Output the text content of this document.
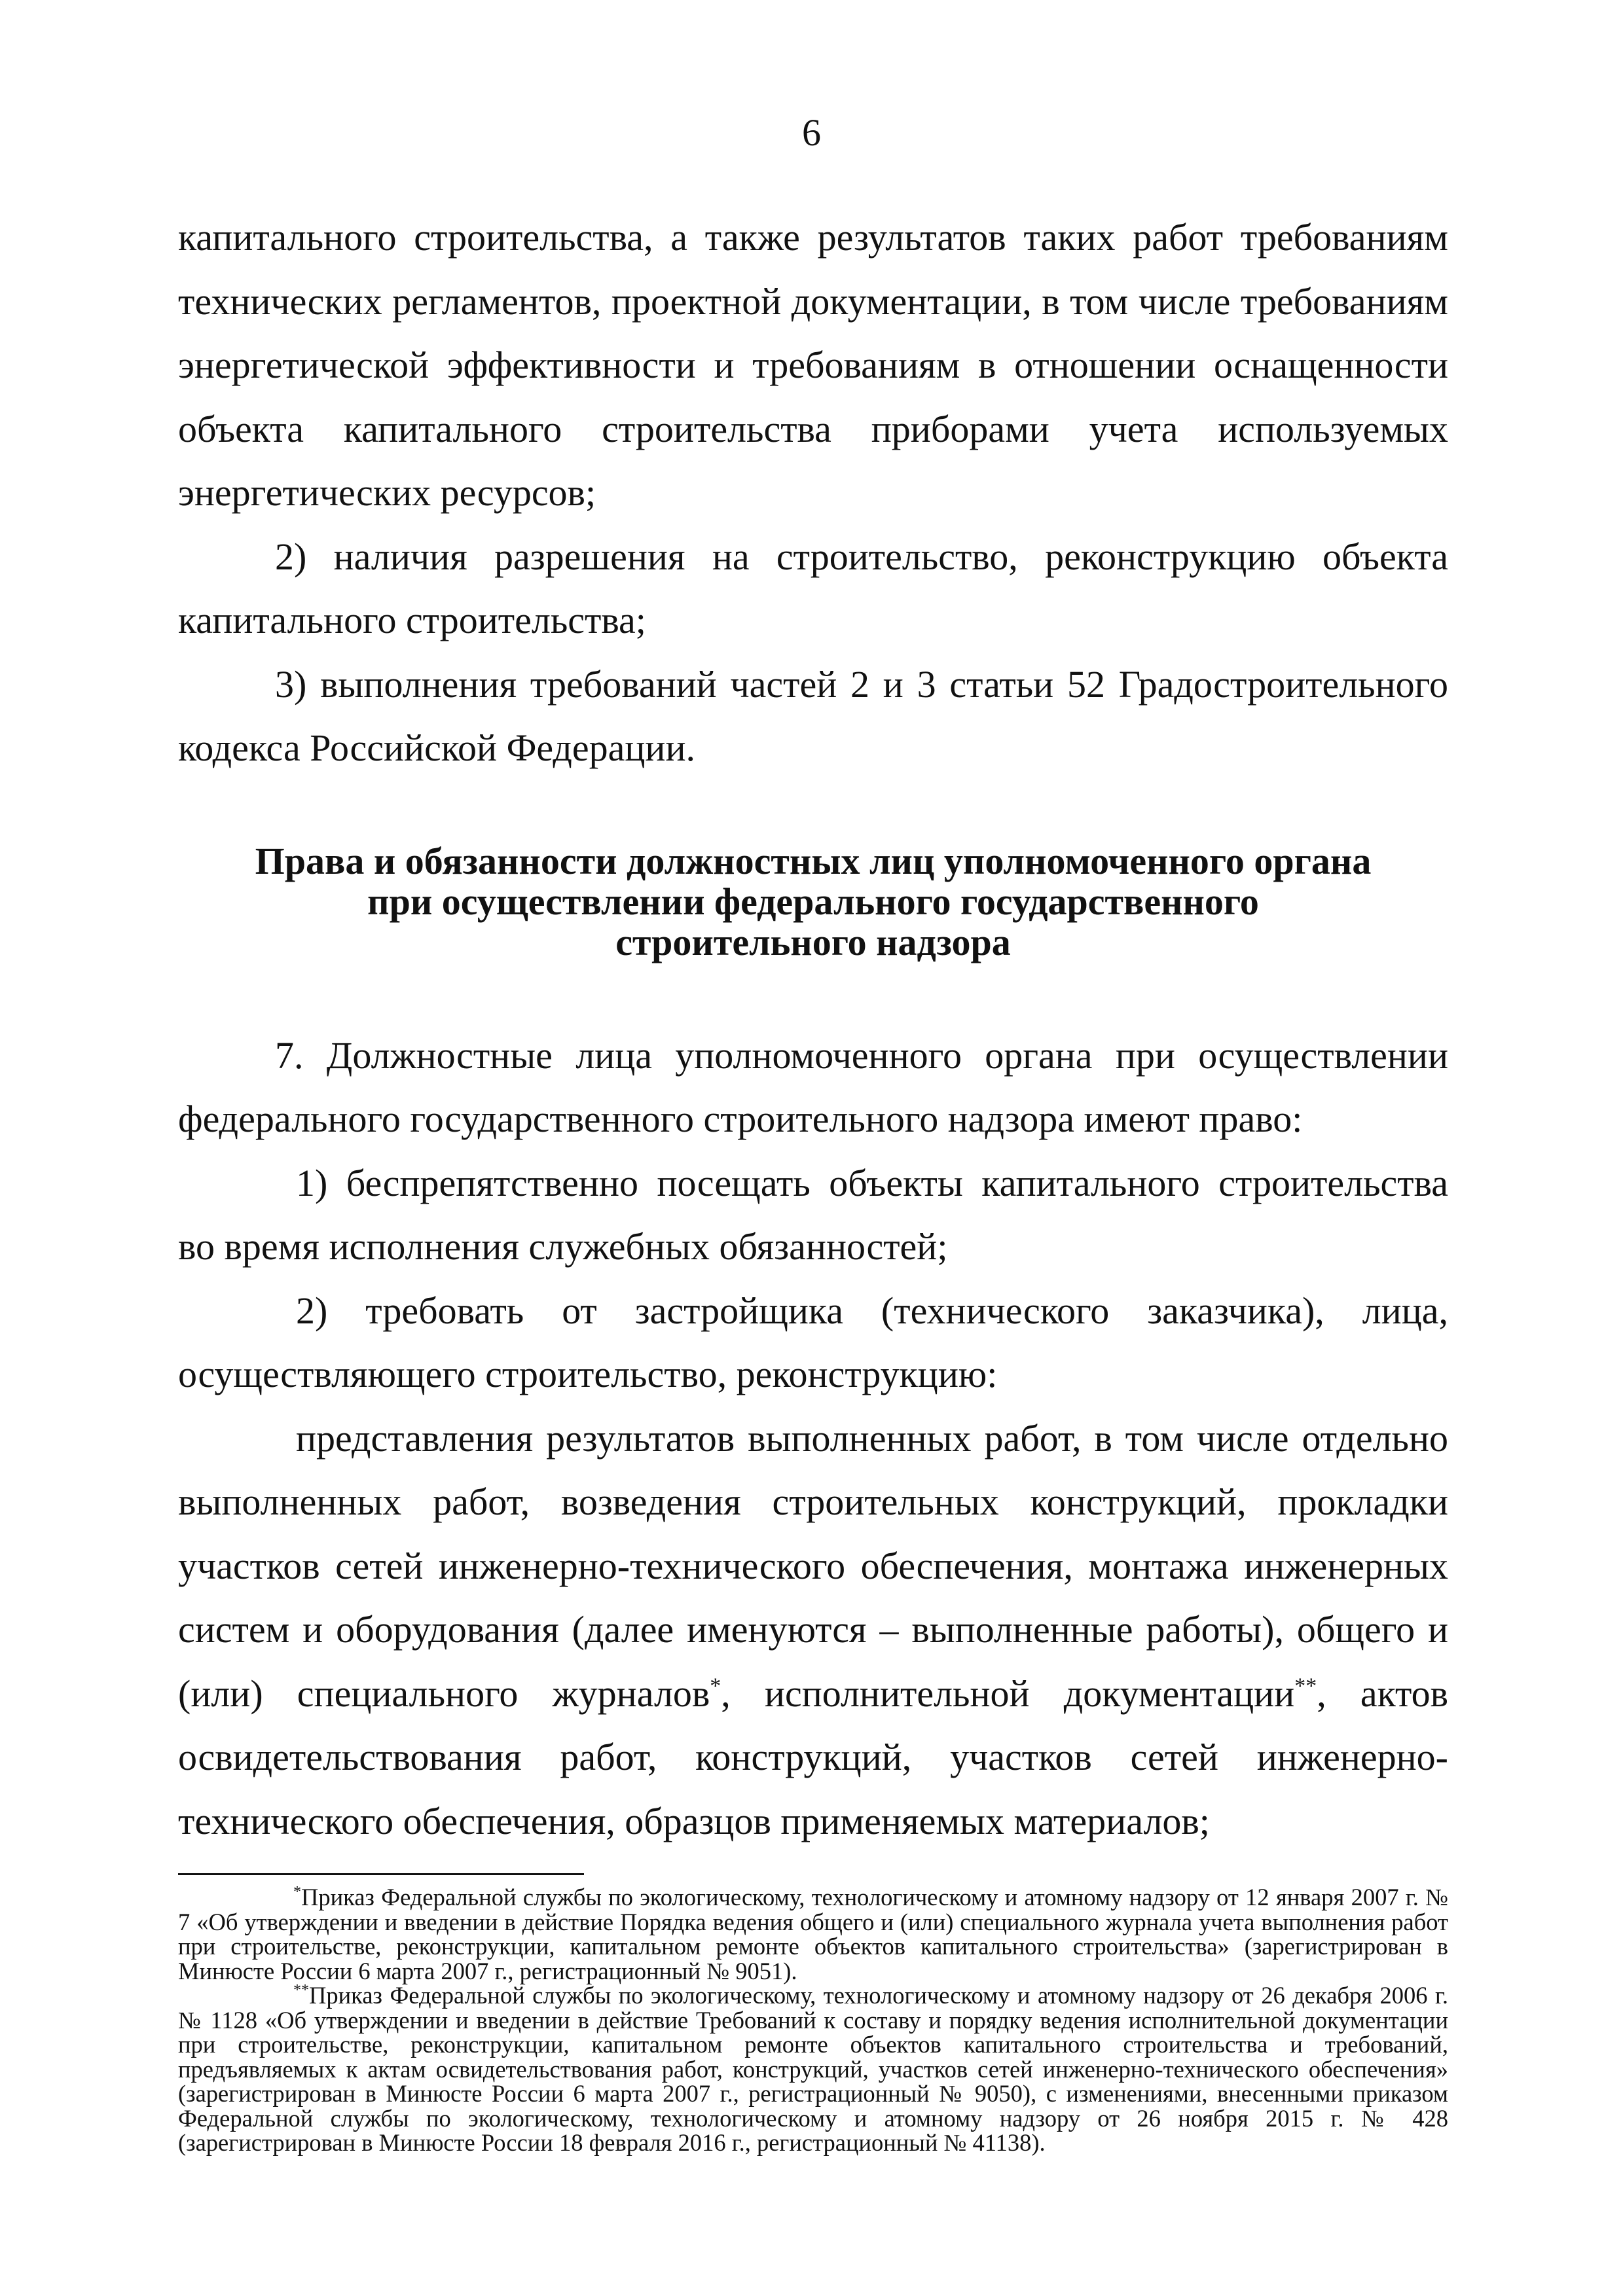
6

капитального строительства, а также результатов таких работ требованиям технических регламентов, проектной документации, в том числе требованиям энергетической эффективности и требованиям в отношении оснащенности объекта капитального строительства приборами учета используемых энергетических ресурсов;

2) наличия разрешения на строительство, реконструкцию объекта капитального строительства;

3) выполнения требований частей 2 и 3 статьи 52 Градостроительного кодекса Российской Федерации.

Права и обязанности должностных лиц уполномоченного органа при осуществлении федерального государственного строительного надзора

7. Должностные лица уполномоченного органа при осуществлении федерального государственного строительного надзора имеют право:

1) беспрепятственно посещать объекты капитального строительства во время исполнения служебных обязанностей;

2) требовать от застройщика (технического заказчика), лица, осуществляющего строительство, реконструкцию:

представления результатов выполненных работ, в том числе отдельно выполненных работ, возведения строительных конструкций, прокладки участков сетей инженерно-технического обеспечения, монтажа инженерных систем и оборудования (далее именуются – выполненные работы), общего и (или) специального журналов*, исполнительной документации**, актов освидетельствования работ, конструкций, участков сетей инженерно-технического обеспечения, образцов применяемых материалов;

*Приказ Федеральной службы по экологическому, технологическому и атомному надзору от 12 января 2007 г. № 7 «Об утверждении и введении в действие Порядка ведения общего и (или) специального журнала учета выполнения работ при строительстве, реконструкции, капитальном ремонте объектов капитального строительства» (зарегистрирован в Минюсте России 6 марта 2007 г., регистрационный № 9051).

**Приказ Федеральной службы по экологическому, технологическому и атомному надзору от 26 декабря 2006 г. № 1128 «Об утверждении и введении в действие Требований к составу и порядку ведения исполнительной документации при строительстве, реконструкции, капитальном ремонте объектов капитального строительства и требований, предъявляемых к актам освидетельствования работ, конструкций, участков сетей инженерно-технического обеспечения» (зарегистрирован в Минюсте России 6 марта 2007 г., регистрационный № 9050), с изменениями, внесенными приказом Федеральной службы по экологическому, технологическому и атомному надзору от 26 ноября 2015 г. № 428 (зарегистрирован в Минюсте России 18 февраля 2016 г., регистрационный № 41138).
